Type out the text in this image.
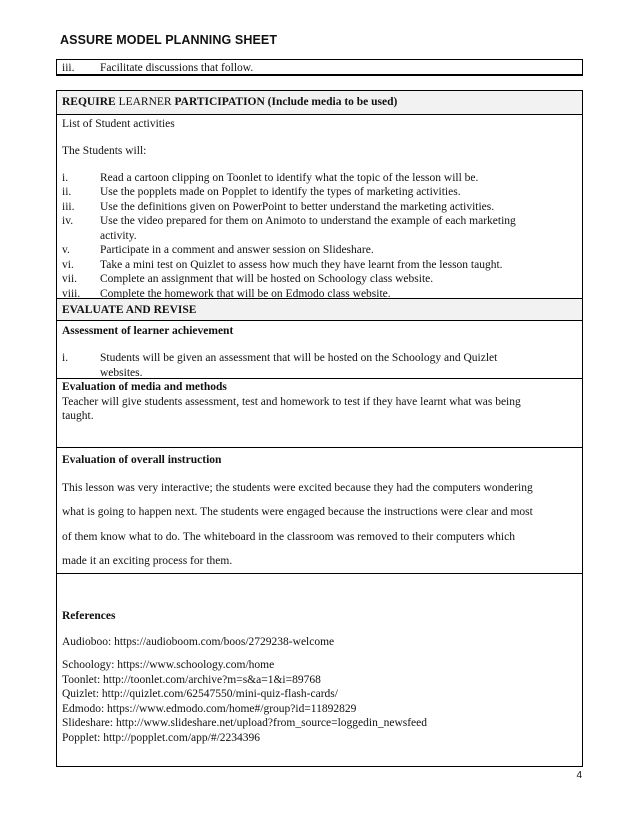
ASSURE MODEL PLANNING SHEET
iii. Facilitate discussions that follow.
REQUIRE LEARNER PARTICIPATION (Include media to be used)
List of Student activities
The Students will:
i.	Read a cartoon clipping on Toonlet to identify what the topic of the lesson will be.
ii. Use the popplets made on Popplet to identify the types of marketing activities.
iii. Use the definitions given on PowerPoint to better understand the marketing activities.
iv. Use the video prepared for them on Animoto to understand the example of each marketing
activity.
v.	Participate in a comment and answer session on Slideshare.
vi. Take a mini test on Quizlet to assess how much they have learnt from the lesson taught.
vii. Complete an assignment that will be hosted on Schoology class website.
viii. Complete the homework that will be on Edmodo class website.
EVALUATE AND REVISE
Assessment of learner achievement
i.	Students will be given an assessment that will be hosted on the Schoology and Quizlet
websites.
Evaluation of media and methods
Teacher will give students assessment, test and homework to test if they have learnt what was being
taught.
Evaluation of overall instruction
This lesson was very interactive; the students were excited because they had the computers wondering
what is going to happen next. The students were engaged because the instructions were clear and most
of them know what to do. The whiteboard in the classroom was removed to their computers which
made it an exciting process for them.
References
Audioboo: https://audioboom.com/boos/2729238-welcome
Schoology: https://www.schoology.com/home
Toonlet: http://toonlet.com/archive?m=s&a=1&i=89768
Quizlet: http://quizlet.com/62547550/mini-quiz-flash-cards/
Edmodo: https://www.edmodo.com/home#/group?id=11892829
Slideshare: http://www.slideshare.net/upload?from_source=loggedin_newsfeed
Popplet: http://popplet.com/app/#/2234396
4
